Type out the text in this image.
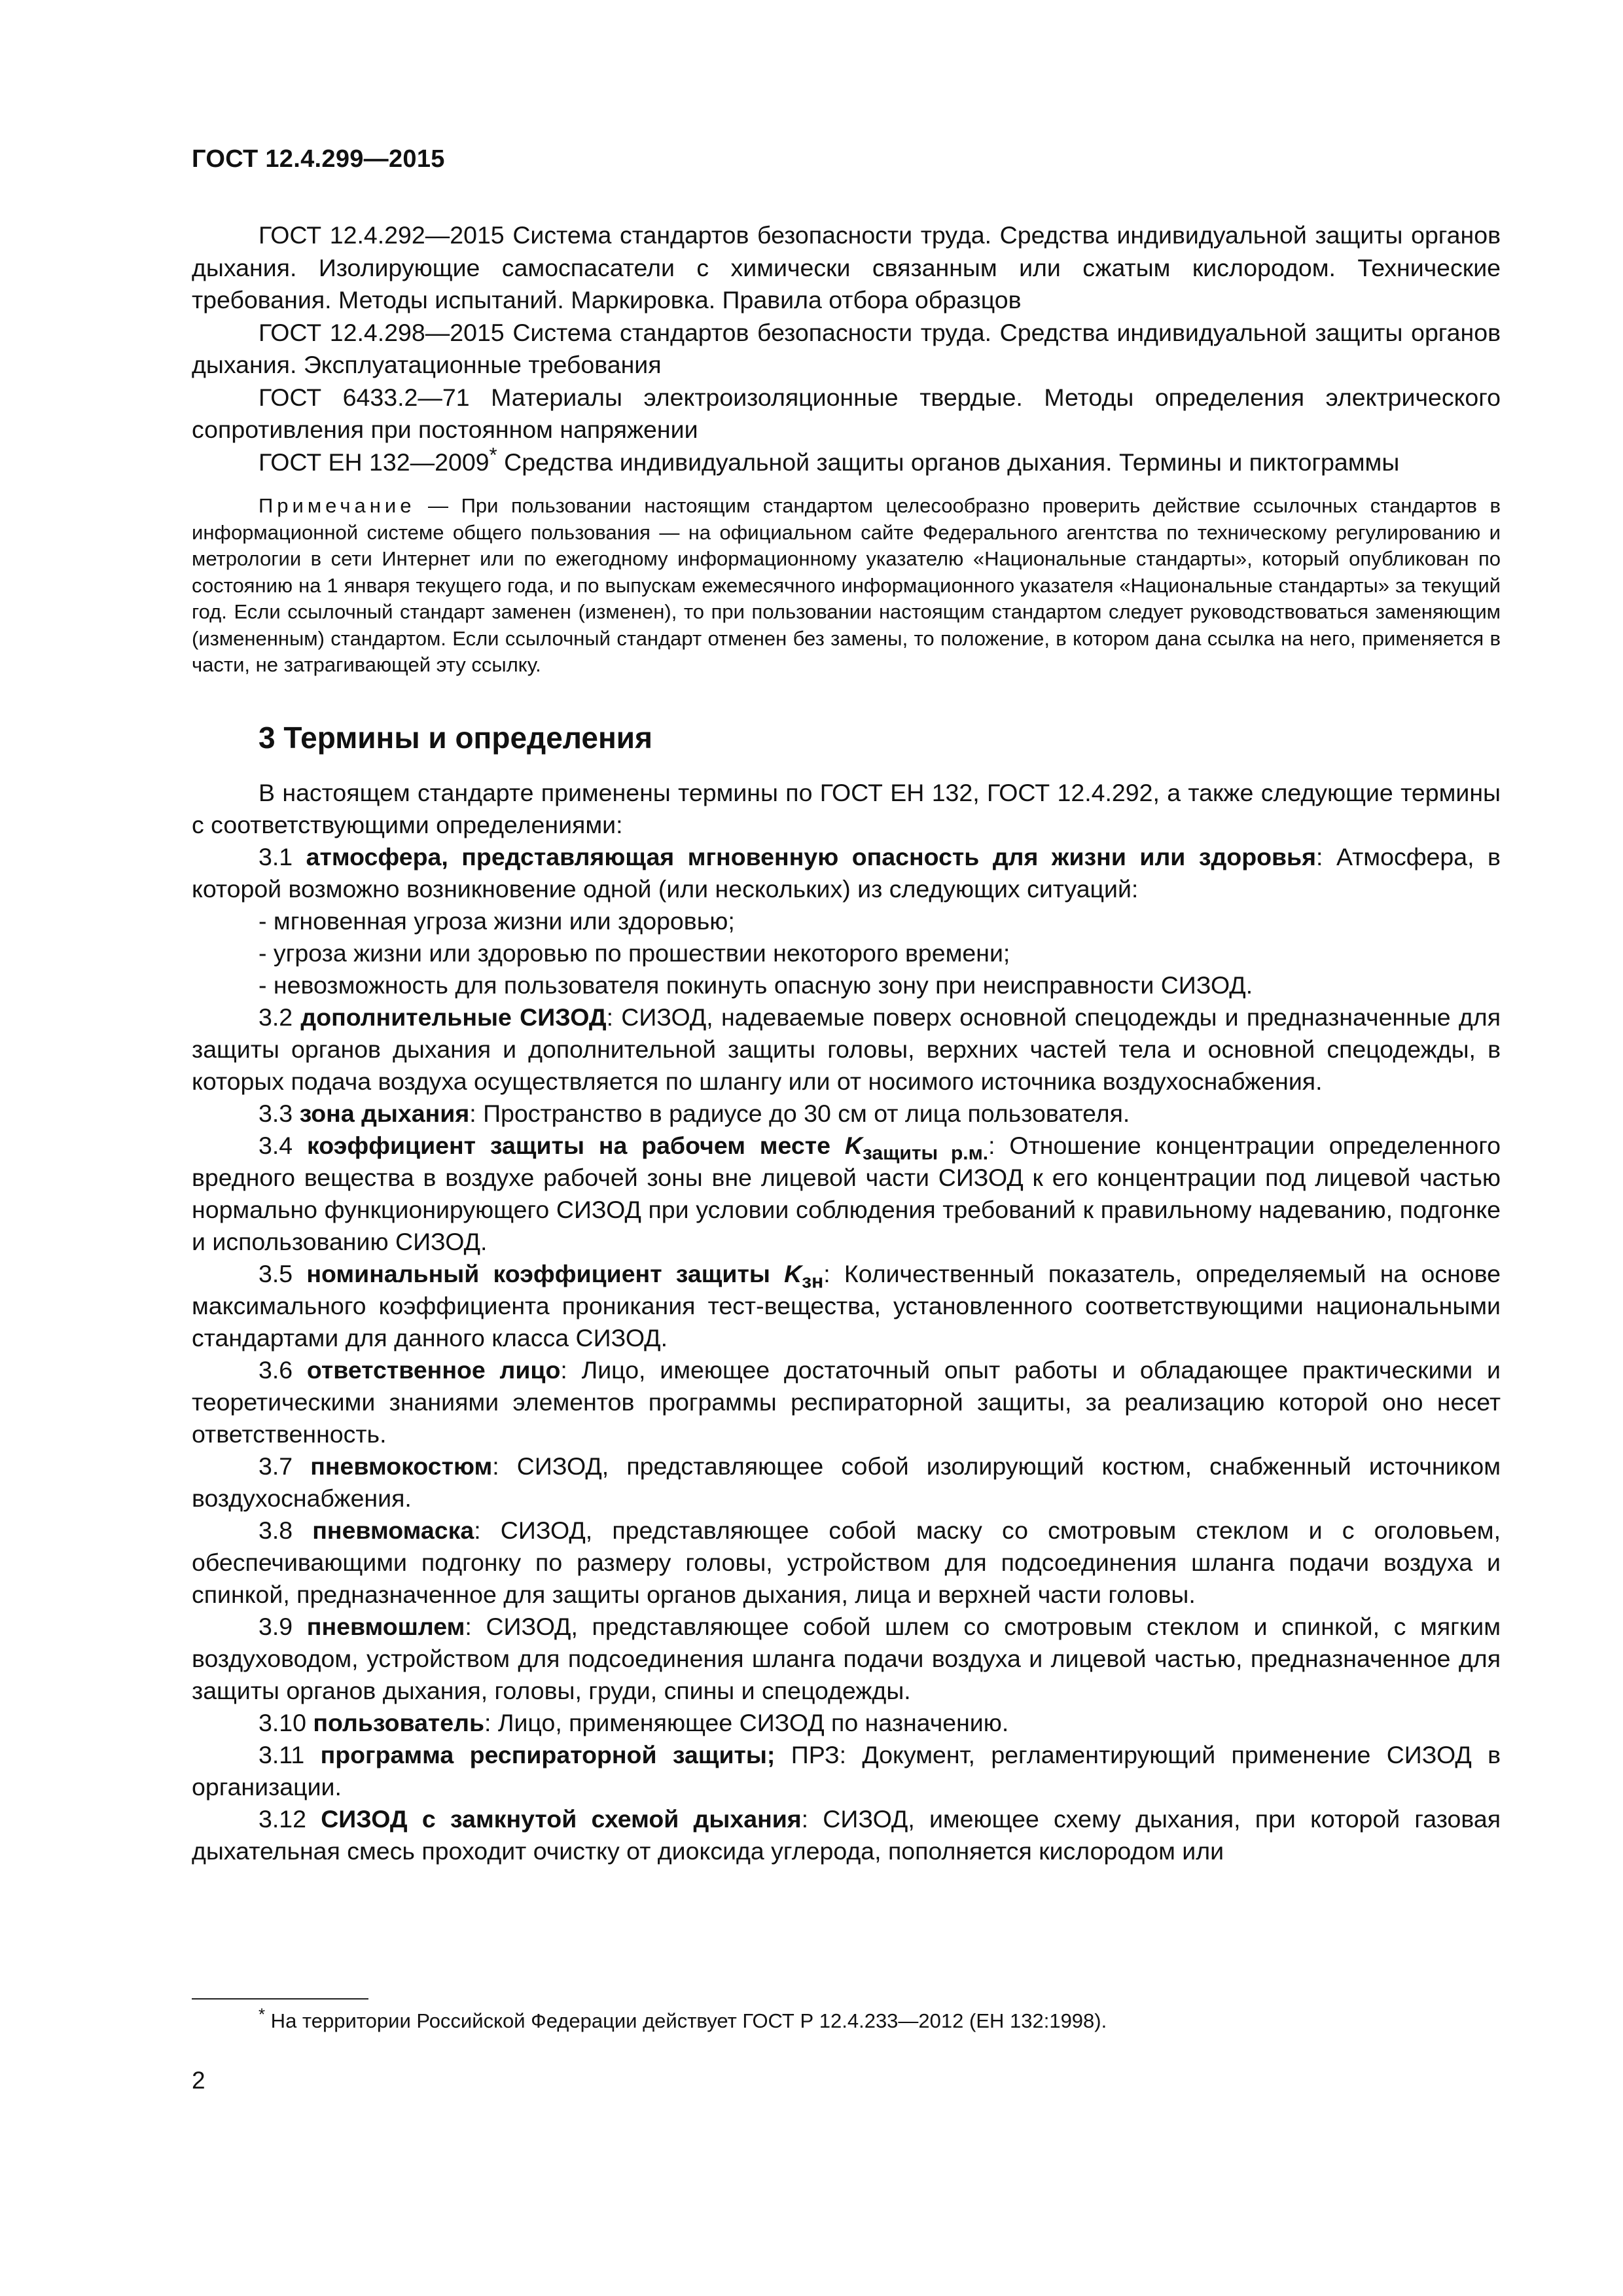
ГОСТ 12.4.299—2015

ГОСТ 12.4.292—2015 Система стандартов безопасности труда. Средства индивидуальной защиты органов дыхания. Изолирующие самоспасатели с химически связанным или сжатым кислородом. Технические требования. Методы испытаний. Маркировка. Правила отбора образцов

ГОСТ 12.4.298—2015 Система стандартов безопасности труда. Средства индивидуальной защиты органов дыхания. Эксплуатационные требования

ГОСТ 6433.2—71 Материалы электроизоляционные твердые. Методы определения электрического сопротивления при постоянном напряжении

ГОСТ ЕН 132—2009* Средства индивидуальной защиты органов дыхания. Термины и пиктограммы

Примечание — При пользовании настоящим стандартом целесообразно проверить действие ссылочных стандартов в информационной системе общего пользования — на официальном сайте Федерального агентства по техническому регулированию и метрологии в сети Интернет или по ежегодному информационному указателю «Национальные стандарты», который опубликован по состоянию на 1 января текущего года, и по выпускам ежемесячного информационного указателя «Национальные стандарты» за текущий год. Если ссылочный стандарт заменен (изменен), то при пользовании настоящим стандартом следует руководствоваться заменяющим (измененным) стандартом. Если ссылочный стандарт отменен без замены, то положение, в котором дана ссылка на него, применяется в части, не затрагивающей эту ссылку.
3 Термины и определения

В настоящем стандарте применены термины по ГОСТ ЕН 132, ГОСТ 12.4.292, а также следующие термины с соответствующими определениями:

3.1 атмосфера, представляющая мгновенную опасность для жизни или здоровья: Атмосфера, в которой возможно возникновение одной (или нескольких) из следующих ситуаций:

- мгновенная угроза жизни или здоровью;

- угроза жизни или здоровью по прошествии некоторого времени;

- невозможность для пользователя покинуть опасную зону при неисправности СИЗОД.

3.2 дополнительные СИЗОД: СИЗОД, надеваемые поверх основной спецодежды и предназначенные для защиты органов дыхания и дополнительной защиты головы, верхних частей тела и основной спецодежды, в которых подача воздуха осуществляется по шлангу или от носимого источника воздухоснабжения.

3.3 зона дыхания: Пространство в радиусе до 30 см от лица пользователя.

3.4 коэффициент защиты на рабочем месте $K_{защиты р.м.}$: Отношение концентрации определенного вредного вещества в воздухе рабочей зоны вне лицевой части СИЗОД к его концентрации под лицевой частью нормально функционирующего СИЗОД при условии соблюдения требований к правильному надеванию, подгонке и использованию СИЗОД.

3.5 номинальный коэффициент защиты $K_{зн}$: Количественный показатель, определяемый на основе максимального коэффициента проникания тест-вещества, установленного соответствующими национальными стандартами для данного класса СИЗОД.

3.6 ответственное лицо: Лицо, имеющее достаточный опыт работы и обладающее практическими и теоретическими знаниями элементов программы респираторной защиты, за реализацию которой оно несет ответственность.

3.7 пневмокостюм: СИЗОД, представляющее собой изолирующий костюм, снабженный источником воздухоснабжения.

3.8 пневмомаска: СИЗОД, представляющее собой маску со смотровым стеклом и с оголовьем, обеспечивающими подгонку по размеру головы, устройством для подсоединения шланга подачи воздуха и спинкой, предназначенное для защиты органов дыхания, лица и верхней части головы.

3.9 пневмошлем: СИЗОД, представляющее собой шлем со смотровым стеклом и спинкой, с мягким воздуховодом, устройством для подсоединения шланга подачи воздуха и лицевой частью, предназначенное для защиты органов дыхания, головы, груди, спины и спецодежды.

3.10 пользователь: Лицо, применяющее СИЗОД по назначению.

3.11 программа респираторной защиты; ПРЗ: Документ, регламентирующий применение СИЗОД в организации.

3.12 СИЗОД с замкнутой схемой дыхания: СИЗОД, имеющее схему дыхания, при которой газовая дыхательная смесь проходит очистку от диоксида углерода, пополняется кислородом или

* На территории Российской Федерации действует ГОСТ Р 12.4.233—2012 (ЕН 132:1998).
2
